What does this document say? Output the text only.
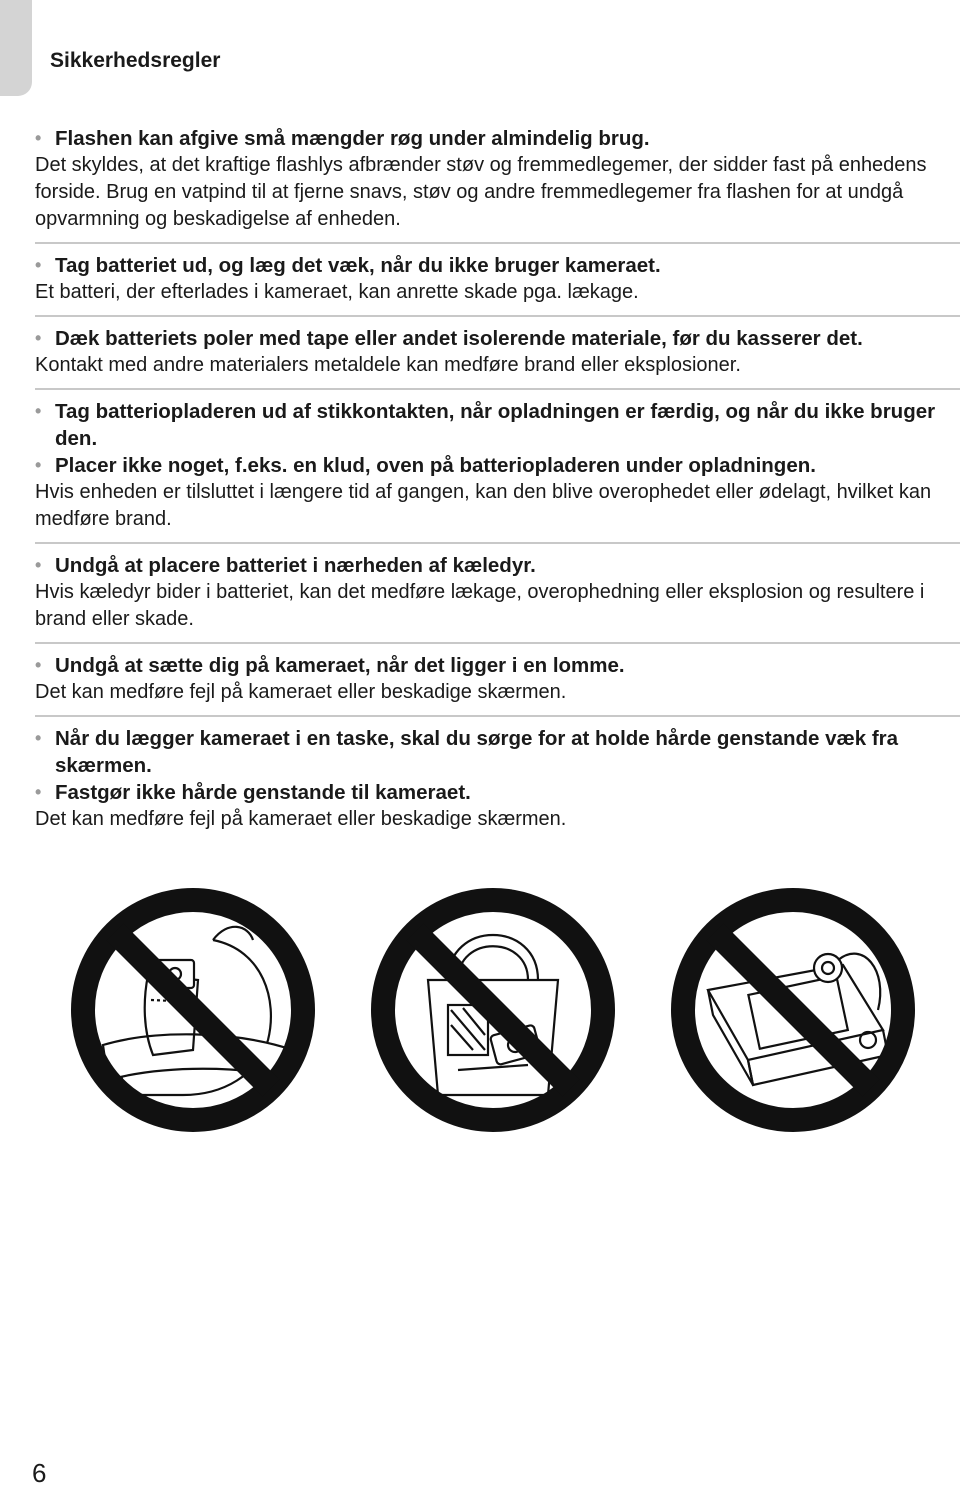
Sikkerhedsregler
• Flashen kan afgive små mængder røg under almindelig brug.
Det skyldes, at det kraftige flashlys afbrænder støv og fremmedlegemer, der sidder fast på enhedens forside. Brug en vatpind til at fjerne snavs, støv og andre fremmedlegemer fra flashen for at undgå opvarmning og beskadigelse af enheden.
• Tag batteriet ud, og læg det væk, når du ikke bruger kameraet.
Et batteri, der efterlades i kameraet, kan anrette skade pga. lækage.
• Dæk batteriets poler med tape eller andet isolerende materiale, før du kasserer det.
Kontakt med andre materialers metaldele kan medføre brand eller eksplosioner.
• Tag batteriopladeren ud af stikkontakten, når opladningen er færdig, og når du ikke bruger den.
• Placer ikke noget, f.eks. en klud, oven på batteriopladeren under opladningen.
Hvis enheden er tilsluttet i længere tid af gangen, kan den blive overophedet eller ødelagt, hvilket kan medføre brand.
• Undgå at placere batteriet i nærheden af kæledyr.
Hvis kæledyr bider i batteriet, kan det medføre lækage, overophedning eller eksplosion og resultere i brand eller skade.
• Undgå at sætte dig på kameraet, når det ligger i en lomme.
Det kan medføre fejl på kameraet eller beskadige skærmen.
• Når du lægger kameraet i en taske, skal du sørge for at holde hårde genstande væk fra skærmen.
• Fastgør ikke hårde genstande til kameraet.
Det kan medføre fejl på kameraet eller beskadige skærmen.
6
